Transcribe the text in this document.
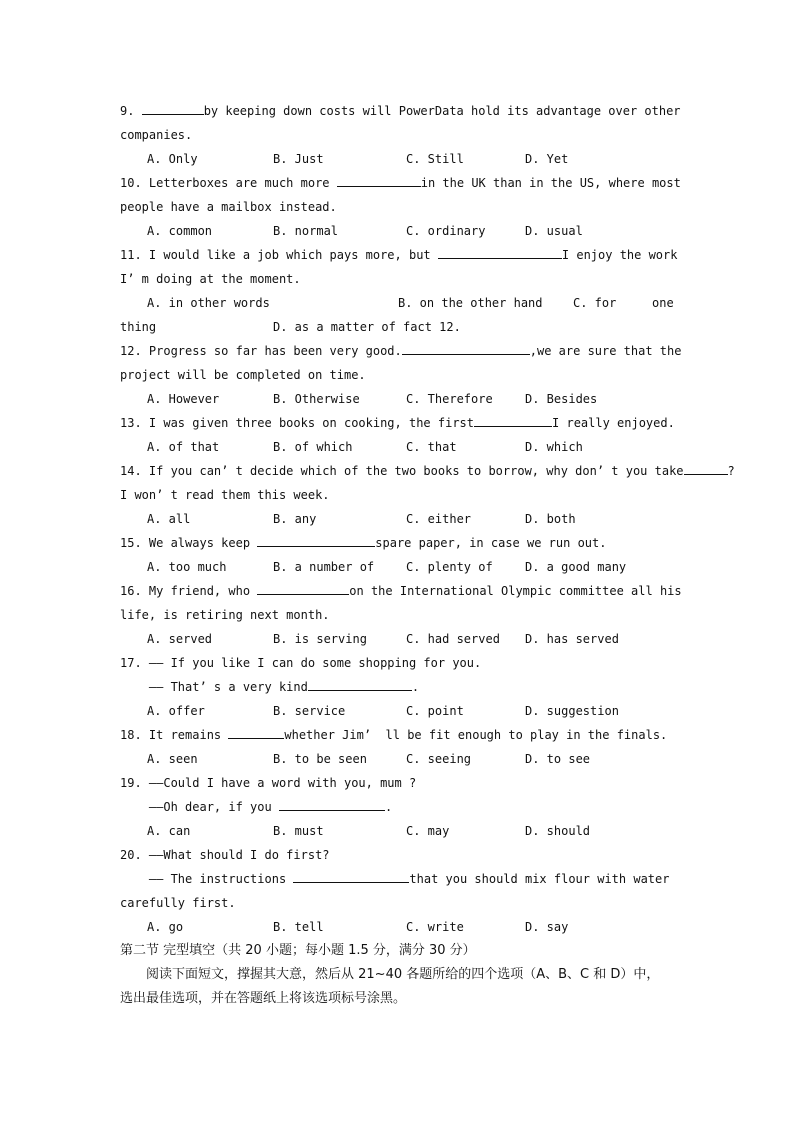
9.	by keeping down costs will PowerData hold its advantage over other
companies.

A. Only

	B. Just

	C. Still

	D. Yet

10. Letterboxes are much more	in the UK than in the US, where most
people have a mailbox instead.

A. common

	B. normal

	C. ordinary

	D. usual

11. I would like a job which pays more, but	I enjoy the work
I’ m doing at the moment.

A. in other words

	B. on the other hand

	C. for

	one

thing

	D. as a matter of fact 12.

12. Progress so far has been very good.	,we are sure that the
project will be completed on time.

A. However

	B. Otherwise

	C. Therefore

	D. Besides

13. I was given three books on cooking, the first	I really enjoyed.

A. of that

	B. of which

	C. that

	D. which

14. If you can’ t decide which of the two books to borrow, why don’ t you take	?
I won’ t read them this week.

A. all

	B. any

	C. either

	D. both

15. We always keep	spare paper, in case we run out.

A. too much

	B. a number of

	C. plenty of

	D. a good many

16. My friend, who	on the International Olympic committee all his
life, is retiring next month.

A. served

	B. is serving

	C. had served

D. has served

17. —— If you like I can do some shopping for you.
—— That’ s a very kind	.

A. offer

	B. service

	C. point

	D. suggestion

18. It remains	whether Jim’  ll be fit enough to play in the finals.

A. seen

	B. to be seen

	C. seeing

	D. to see

19. ——Could I have a word with you, mum ?
——Oh dear, if you	.

A. can

	B. must

	C. may

	D. should

20. ——What should I do first?
—— The instructions	that you should mix flour with water
carefully first.

A. go

	B. tell

	C. write

	D. say

第二节 完型填空（共 20 小题；每小题 1.5 分，满分 30 分）
阅读下面短文，撑握其大意，然后从 21~40 各题所给的四个选项（A、B、C 和 D）中，
选出最佳选项，并在答题纸上将该选项标号涂黑。
